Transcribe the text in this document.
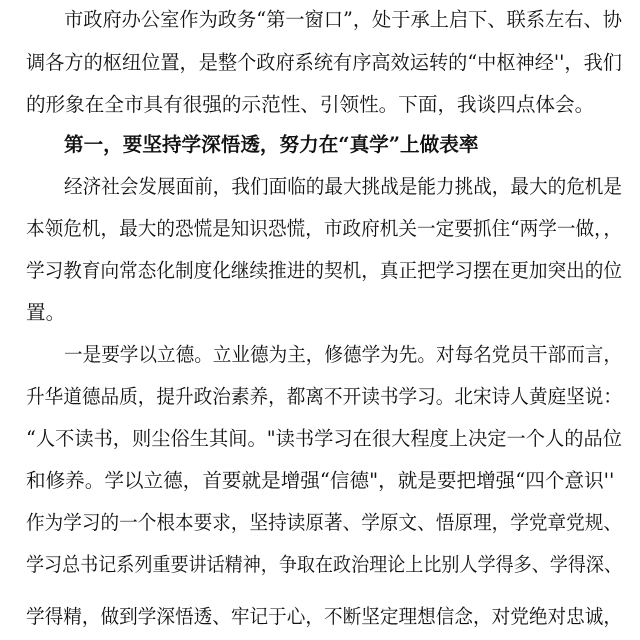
市政府办公室作为政务“第一窗口”，处于承上启下、联系左右、协
调各方的枢纽位置，是整个政府系统有序高效运转的“中枢神经''，我们
的形象在全市具有很强的示范性、引领性。下面，我谈四点体会。
第一，要坚持学深悟透，努力在“真学”上做表率
经济社会发展面前，我们面临的最大挑战是能力挑战，最大的危机是
本领危机，最大的恐慌是知识恐慌，市政府机关一定要抓住“两学一做，，
学习教育向常态化制度化继续推进的契机，真正把学习摆在更加突出的位
置。
一是要学以立德。立业德为主，修德学为先。对每名党员干部而言，
升华道德品质，提升政治素养，都离不开读书学习。北宋诗人黄庭坚说：
“人不读书，则尘俗生其间。"读书学习在很大程度上决定一个人的品位
和修养。学以立德，首要就是增强“信德"，就是要把增强“四个意识''
作为学习的一个根本要求，坚持读原著、学原文、悟原理，学党章党规、
学习总书记系列重要讲话精神，争取在政治理论上比别人学得多、学得深、
学得精，做到学深悟透、牢记于心，不断坚定理想信念，对党绝对忠诚，
